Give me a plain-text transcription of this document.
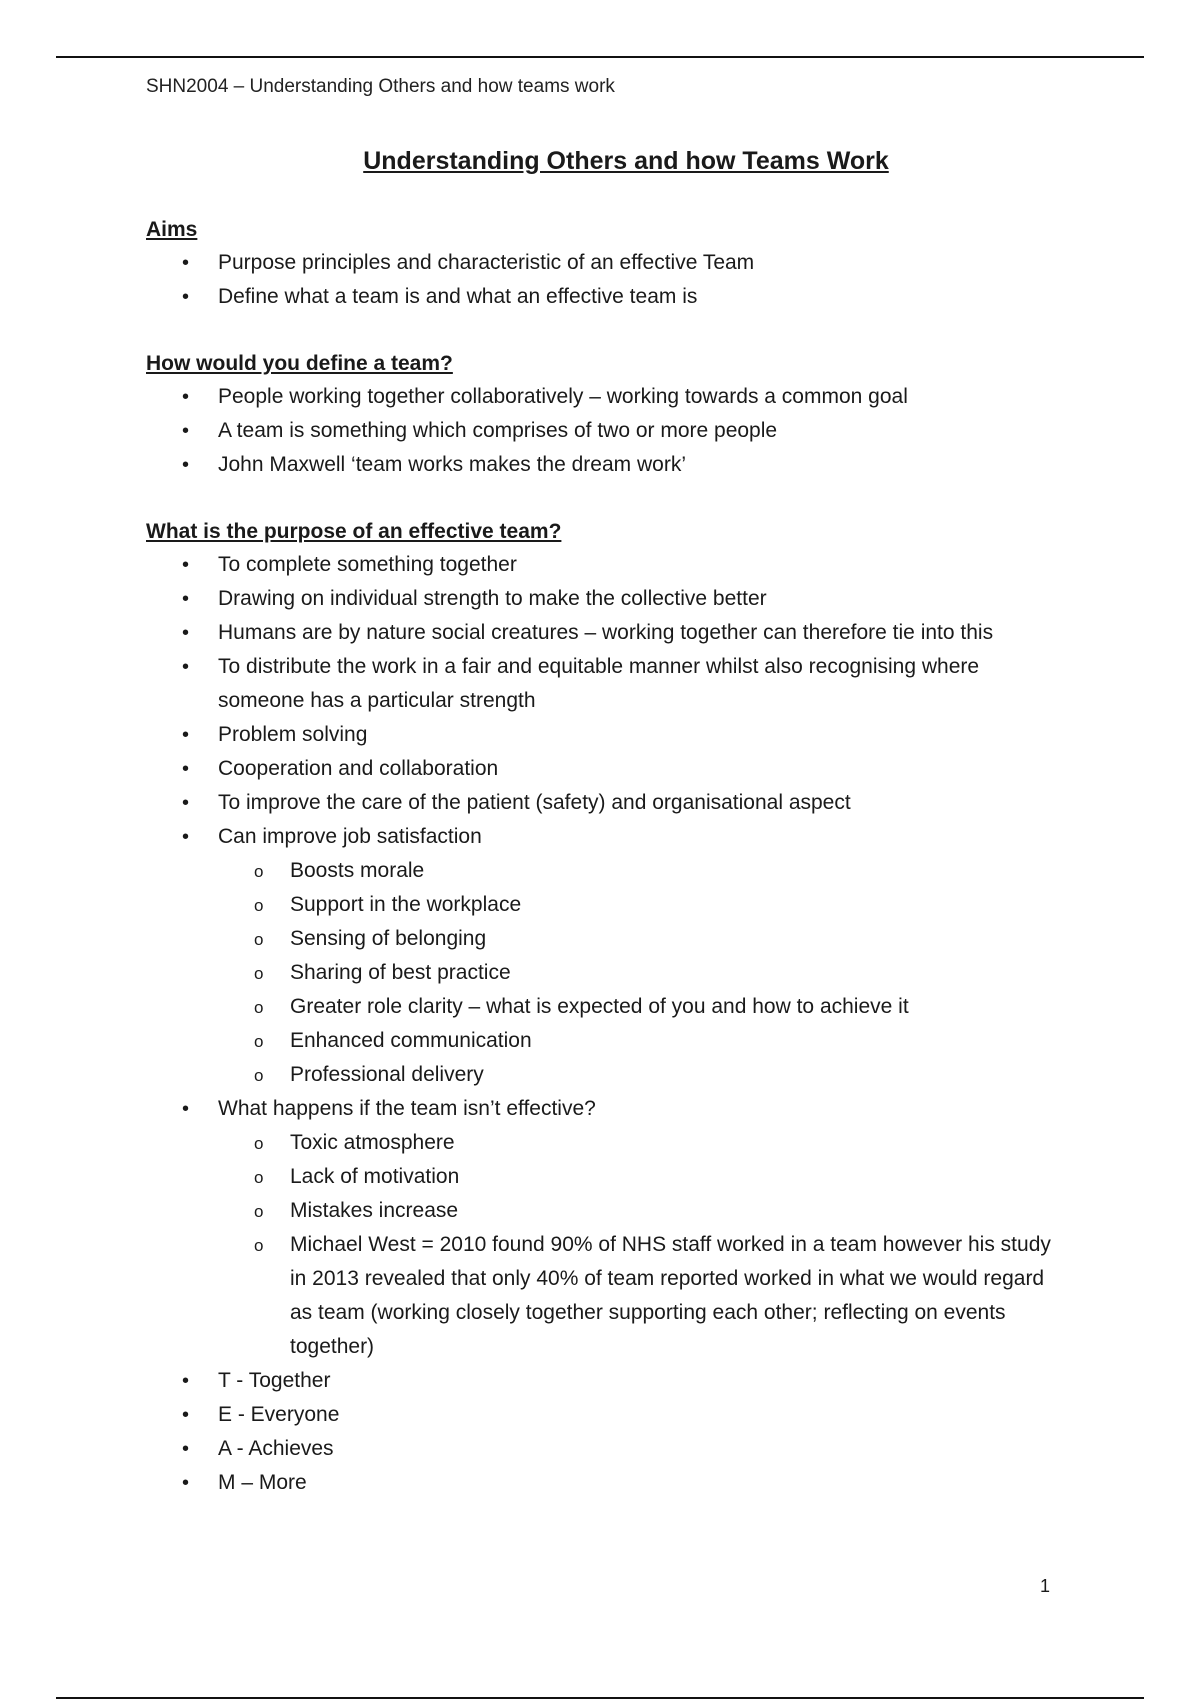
SHN2004 – Understanding Others and how teams work
Understanding Others and how Teams Work
Aims
• Purpose principles and characteristic of an effective Team
• Define what a team is and what an effective team is
How would you define a team?
• People working together collaboratively – working towards a common goal
• A team is something which comprises of two or more people
• John Maxwell ‘team works makes the dream work’
What is the purpose of an effective team?
• To complete something together
• Drawing on individual strength to make the collective better
• Humans are by nature social creatures – working together can therefore tie into this
• To distribute the work in a fair and equitable manner whilst also recognising where someone has a particular strength
• Problem solving
• Cooperation and collaboration
• To improve the care of the patient (safety) and organisational aspect
• Can improve job satisfaction
o Boosts morale
o Support in the workplace
o Sensing of belonging
o Sharing of best practice
o Greater role clarity – what is expected of you and how to achieve it
o Enhanced communication
o Professional delivery
• What happens if the team isn’t effective?
o Toxic atmosphere
o Lack of motivation
o Mistakes increase
o Michael West = 2010 found 90% of NHS staff worked in a team however his study in 2013 revealed that only 40% of team reported worked in what we would regard as team (working closely together supporting each other; reflecting on events together)
• T - Together
• E - Everyone
• A - Achieves
• M – More
1
